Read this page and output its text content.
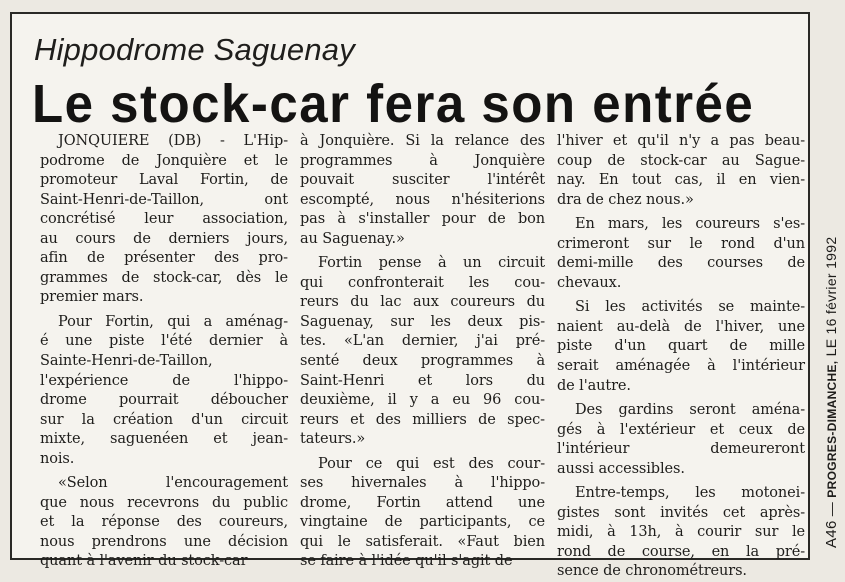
Hippodrome Saguenay
Le stock-car fera son entrée

JONQUIERE (DB) - L'Hip-
podrome de Jonquière et le
promoteur Laval Fortin, de
Saint-Henri-de-Taillon, ont
concrétisé leur association,
au cours de derniers jours,
afin de présenter des pro-
grammes de stock-car, dès le
premier mars.

Pour Fortin, qui a aménag-
é une piste l'été dernier à
Sainte-Henri-de-Taillon,
l'expérience de l'hippo-
drome pourrait déboucher
sur la création d'un circuit
mixte, saguenéen et jean-
nois.

«Selon l'encouragement
que nous recevrons du public
et la réponse des coureurs,
nous prendrons une décision
quant à l'avenir du stock-car

à Jonquière. Si la relance des
programmes à Jonquière
pouvait susciter l'intérêt
escompté, nous n'hésiterions
pas à s'installer pour de bon
au Saguenay.»

Fortin pense à un circuit
qui confronterait les cou-
reurs du lac aux coureurs du
Saguenay, sur les deux pis-
tes. «L'an dernier, j'ai pré-
senté deux programmes à
Saint-Henri et lors du
deuxième, il y a eu 96 cou-
reurs et des milliers de spec-
tateurs.»

Pour ce qui est des cour-
ses hivernales à l'hippo-
drome, Fortin attend une
vingtaine de participants, ce
qui le satisferait. «Faut bien
se faire à l'idée qu'il s'agit de

l'hiver et qu'il n'y a pas beau-
coup de stock-car au Sague-
nay. En tout cas, il en vien-
dra de chez nous.»

En mars, les coureurs s'es-
crimeront sur le rond d'un
demi-mille des courses de
chevaux.

Si les activités se mainte-
naient au-delà de l'hiver, une
piste d'un quart de mille
serait aménagée à l'intérieur
de l'autre.

Des gardins seront aména-
gés à l'extérieur et ceux de
l'intérieur demeureront
aussi accessibles.

Entre-temps, les motonei-
gistes sont invités cet après-
midi, à 13h, à courir sur le
rond de course, en la pré-
sence de chronométreurs.

A46 — PROGRES-DIMANCHE, LE 16 février 1992
